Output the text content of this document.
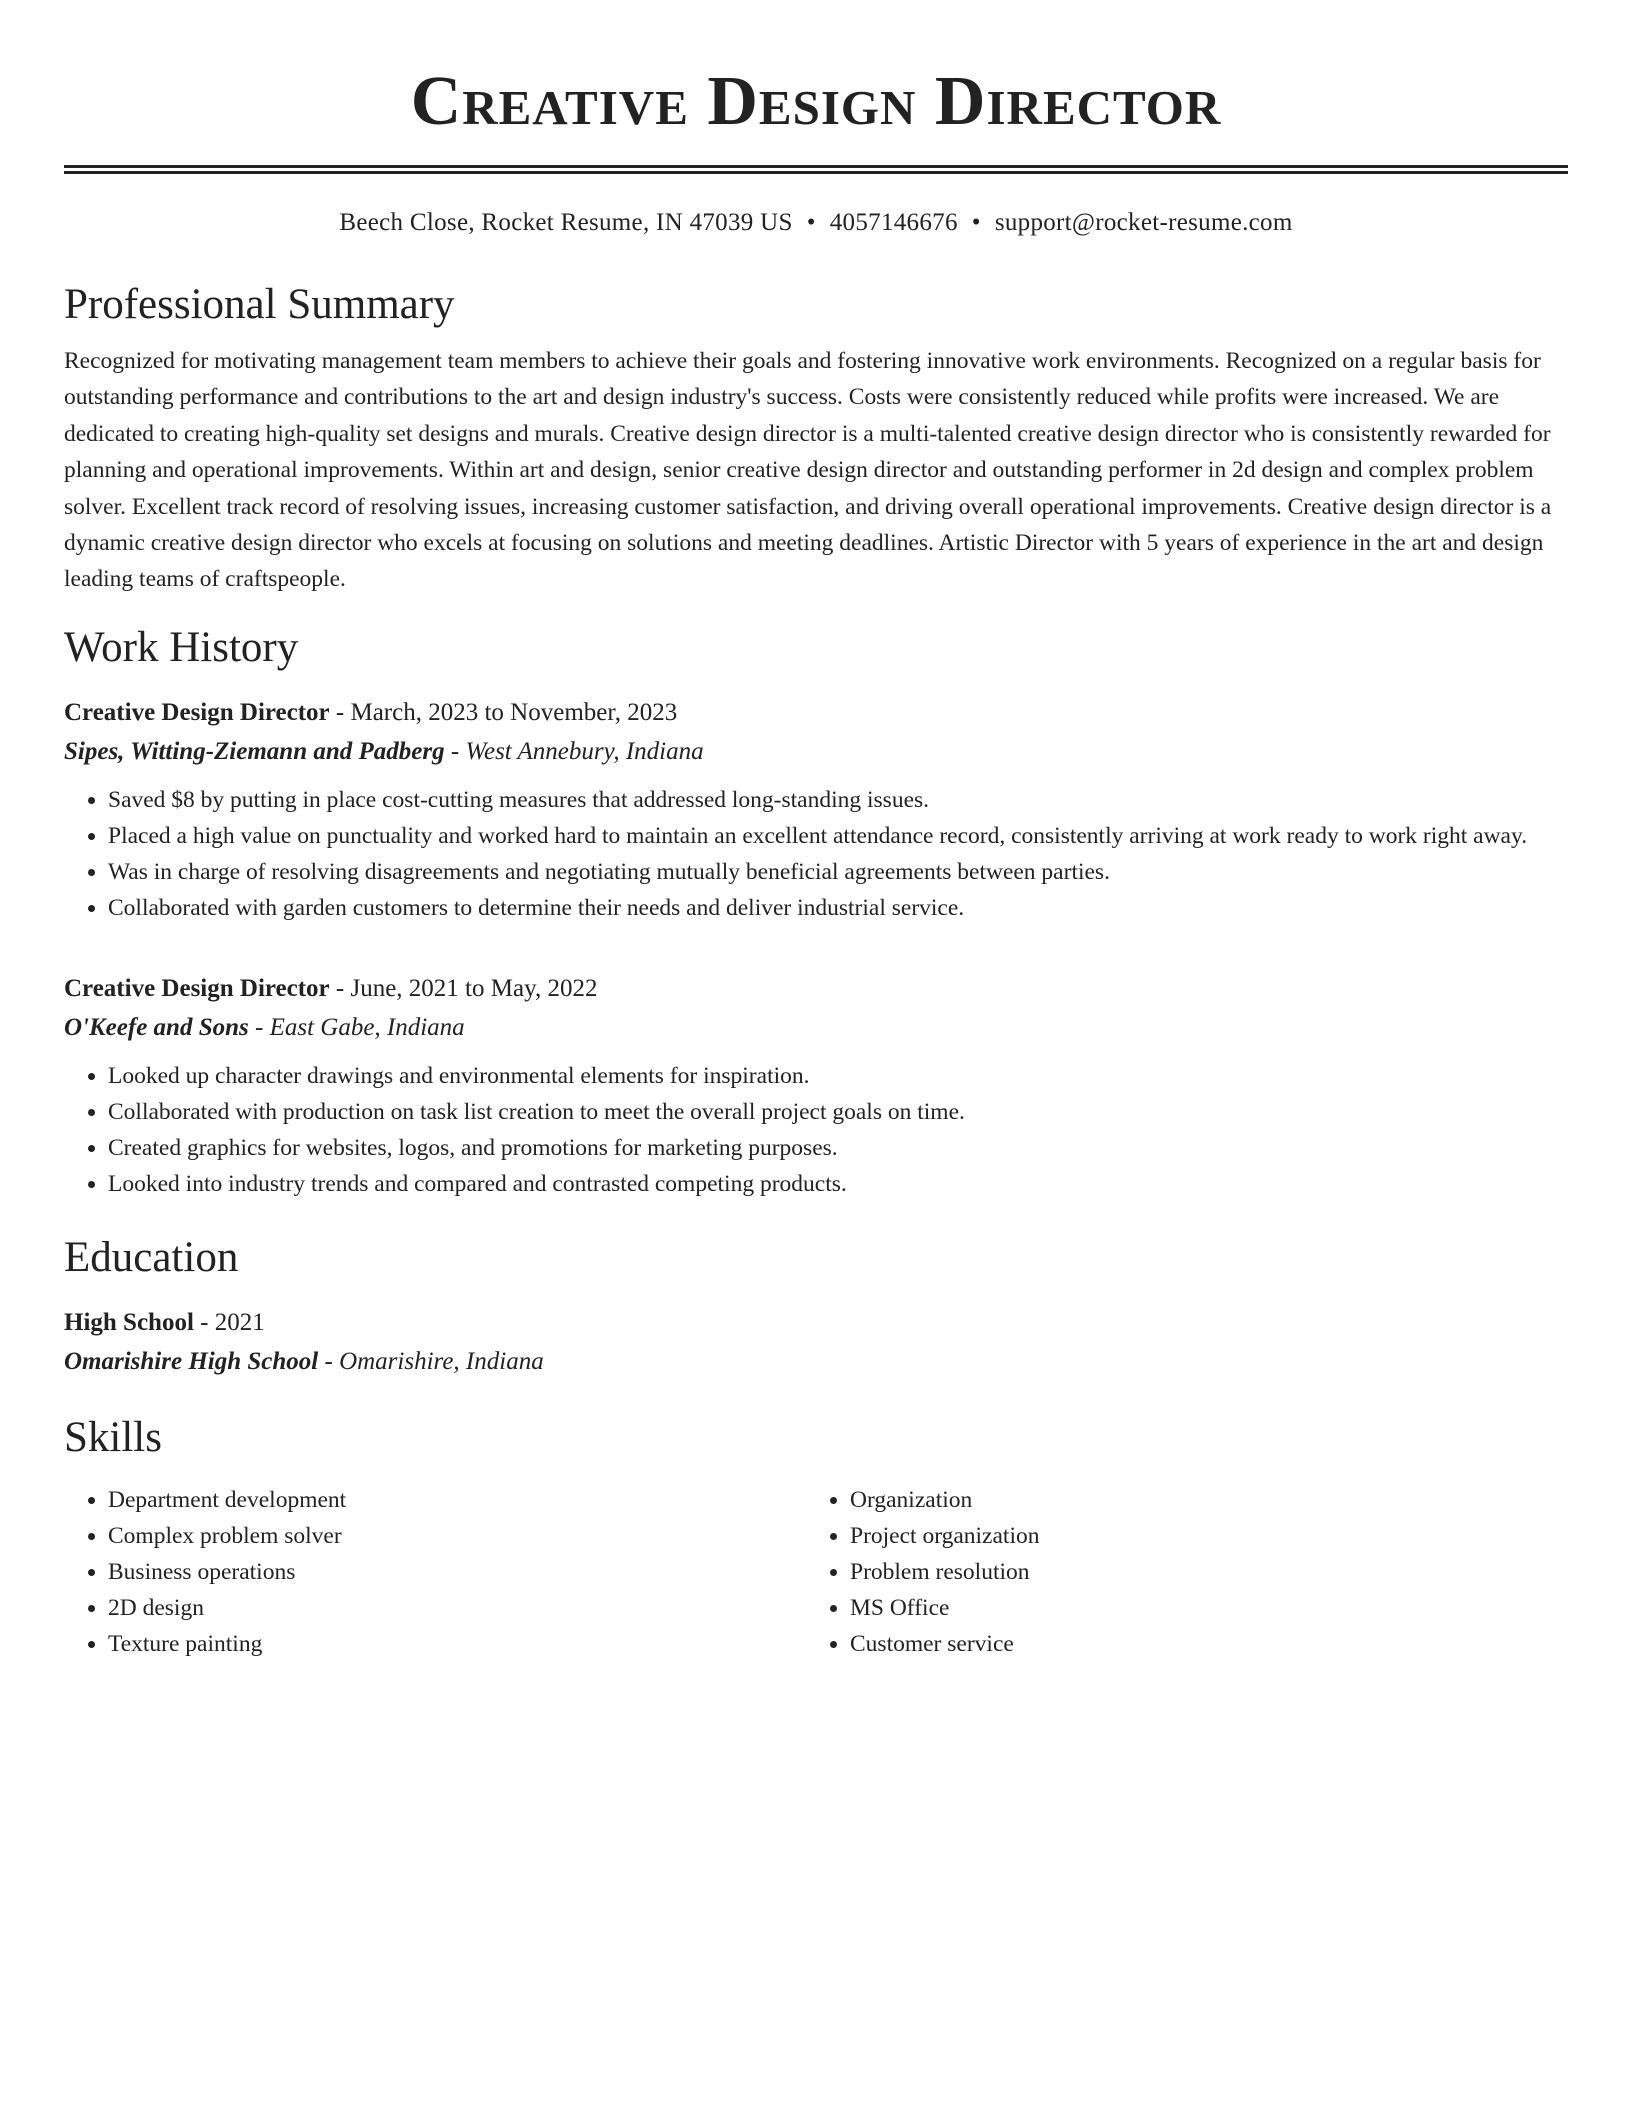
Creative Design Director
Beech Close, Rocket Resume, IN 47039 US • 4057146676 • support@rocket-resume.com
Professional Summary

Recognized for motivating management team members to achieve their goals and fostering innovative work environments. Recognized on a regular basis for outstanding performance and contributions to the art and design industry's success. Costs were consistently reduced while profits were increased. We are dedicated to creating high-quality set designs and murals. Creative design director is a multi-talented creative design director who is consistently rewarded for planning and operational improvements. Within art and design, senior creative design director and outstanding performer in 2d design and complex problem solver. Excellent track record of resolving issues, increasing customer satisfaction, and driving overall operational improvements. Creative design director is a dynamic creative design director who excels at focusing on solutions and meeting deadlines. Artistic Director with 5 years of experience in the art and design leading teams of craftspeople.

Work History
Creative Design Director - March, 2023 to November, 2023
Sipes, Witting-Ziemann and Padberg - West Annebury, Indiana
• Saved $8 by putting in place cost-cutting measures that addressed long-standing issues.
• Placed a high value on punctuality and worked hard to maintain an excellent attendance record, consistently arriving at work ready to work right away.
• Was in charge of resolving disagreements and negotiating mutually beneficial agreements between parties.
• Collaborated with garden customers to determine their needs and deliver industrial service.
Creative Design Director - June, 2021 to May, 2022
O'Keefe and Sons - East Gabe, Indiana
• Looked up character drawings and environmental elements for inspiration.
• Collaborated with production on task list creation to meet the overall project goals on time.
• Created graphics for websites, logos, and promotions for marketing purposes.
• Looked into industry trends and compared and contrasted competing products.
Education
High School - 2021
Omarishire High School - Omarishire, Indiana
Skills
• Department development
• Complex problem solver
• Business operations
• 2D design
• Texture painting
• Organization
• Project organization
• Problem resolution
• MS Office
• Customer service
